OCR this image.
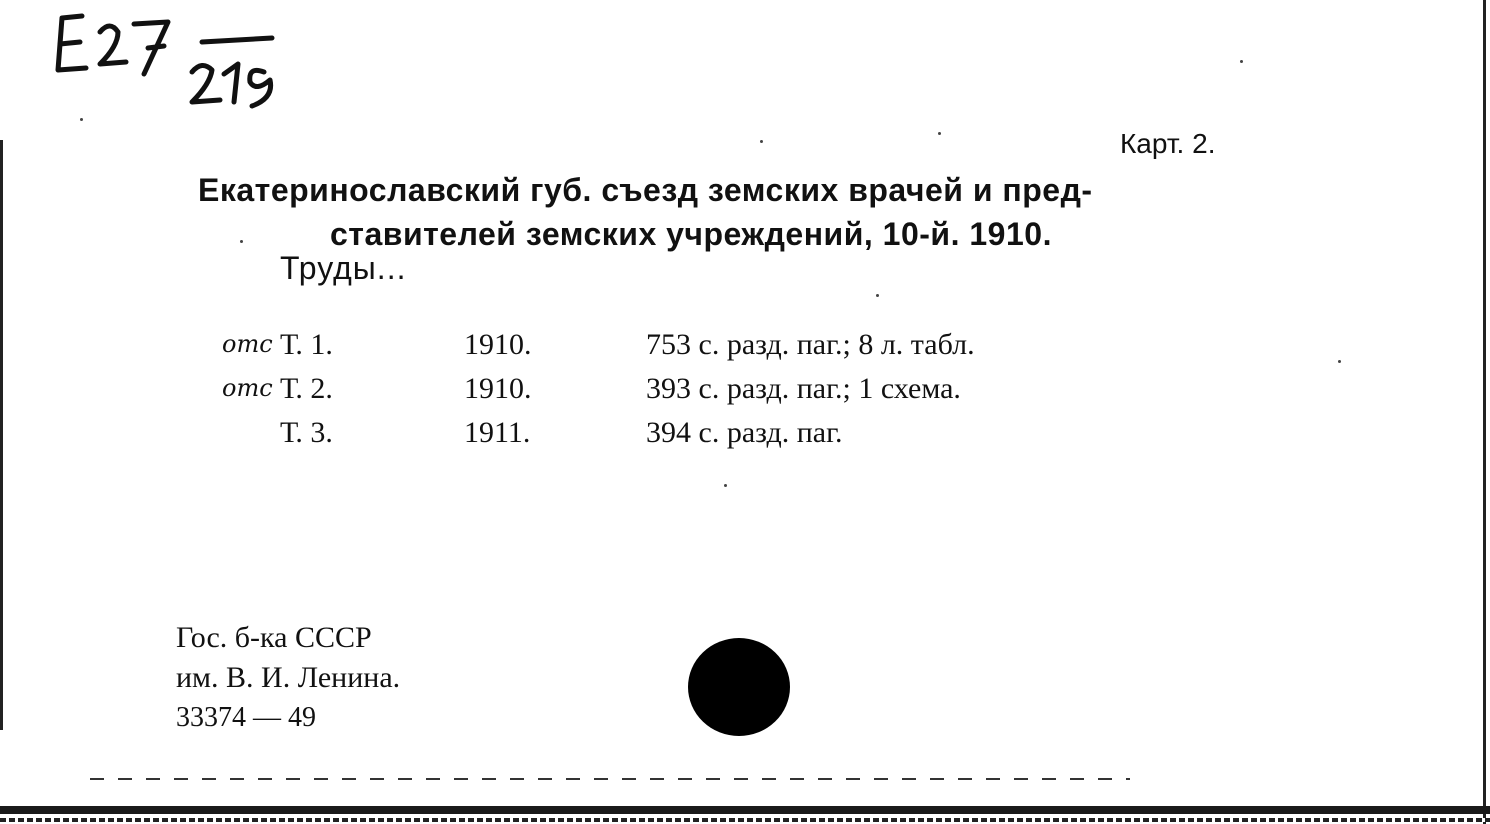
Карт. 2.
Екатеринославский губ. съезд земских врачей и пред-
ставителей земских учреждений, 10-й. 1910.
Труды...
отс Т. 1.	1910.	753 с. разд. паг.; 8 л. табл.
отс Т. 2.	1910.	393 с. разд. паг.; 1 схема.
Т. 3.	1911.	394 с. разд. паг.
Гос. б-ка СССР
им. В. И. Ленина.
33374 — 49
